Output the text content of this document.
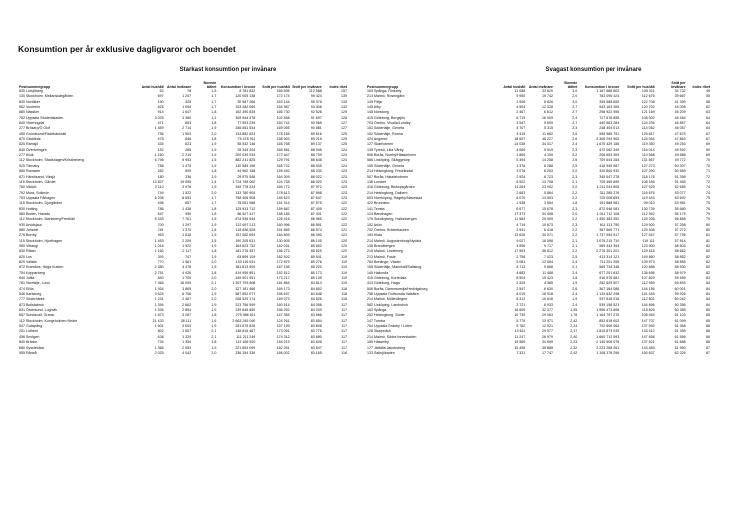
Konsumtion per år exklusive dagligvaror och boendet
Starkast konsumtion per invånare
Postnummergrupp	Antal hushåll	Antal invånare	Boende täthet	Konsumtion i kronor	Snitt per hushåll	Snitt per invånare	Index riket
830 Lotsjöberg	53	78	1,5	8 781 832	165 695	112 588	157
130 Stockholm, Mellanskärgården	697	1 207	1,7	120 005 138	172 174	99 424	139
830 Norråker	190	325	1,7	30 987 266	163 144	95 376	133
962 Vuolerim	626	1 094	1,7	103 282 065	164 987	94 408	132
880 Nässker	914	1 647	1,8	152 390 835	166 730	92 526	129
752 Uppsala Studentstaden	3 025	3 380	1,1	309 944 378	102 458	91 697	128
840 Ytterhogdal	471	853	1,8	77 593 239	164 741	90 965	127
277 Brösarp/Ö Olof	1 459	2 714	1,9	246 651 534	169 055	90 881	127
450 Grundsund/Fiskebäckskil	756	1 503	2,0	134 882 623	178 165	89 616	125
870 Gäddede	475	846	1,8	75 478 911	158 903	89 219	125
820 Ramsjö	335	623	1,9	55 532 146	165 768	89 137	125
840 Överturingen	152	285	1,9	25 349 204	165 581	88 945	124
277 Kivik	1 160	2 215	1,9	200 039 034	172 447	88 709	124
112 Stockholm, Stadshagen/Kristineberg	6 798	9 953	1,5	882 241 825	129 791	88 648	124
920 Tärnaby	788	1 475	1,9	130 589 196	165 722	88 535	124
880 Ramsele	282	509	1,8	44 962 158	159 440	88 330	124
871 Härnösand, Viksjö	180	336	1,9	29 575 548	164 309	88 022	123
115 Stockholm, Gärdet	13 827	19 595	1,4	1 724 768 062	124 738	88 020	123
760 Väddö	2 110	3 976	1,9	349 778 224	165 772	87 972	123
792 Mora, Sollerön	749	1 522	2,0	133 780 905	178 613	87 898	123
753 Uppsala Fålhagen	5 208	8 653	1,7	758 406 908	145 623	87 647	123
115 Stockholm, Djurgården	496	857	1,7	75 051 988	151 314	87 575	122
830 Hotting	786	1 436	1,8	125 513 712	159 687	87 405	122
960 Boden, Harads	547	990	1,8	86 527 417	158 185	87 401	122
112 Stockholm, Marieberg/Fredhäll	5 339	7 761	1,5	674 936 544	126 416	86 965	122
930 Arvidsjaur	700	1 297	1,9	112 697 213	160 996	86 891	122
880 Junsele	781	1 370	1,8	118 836 528	151 865	86 574	121
276 Borrby	953	1 818	1,9	157 062 694	164 809	86 393	121
115 Stockholm, Hjorthagen	1 453	2 209	1,5	190 205 631	130 905	86 105	120
980 Vittangi	1 016	1 922	1,9	164 623 732	162 031	85 652	120
830 Rätan	1 160	2 117	1,8	181 276 357	156 273	85 629	120
820 Los	393	747	1,9	63 899 109	162 402	85 541	119
820 Vallsta	770	1 561	2,0	133 116 531	172 879	85 276	119
872 Kramfors, Höga Kusten	2 380	4 478	1,9	381 613 900	167 155	85 220	119
754 Kopparberg	2 751	4 926	1,8	419 959 851	152 512	85 173	119
640 Julita	840	1 709	2,0	145 501 951	173 217	85 139	119
761 Norrtälje, Lund	7 466	16 009	2,1	1 357 793 808	181 864	84 814	119
474 Ellös	1 934	3 865	2,0	327 181 466	169 173	84 652	118
546 Karlsborg	3 624	6 706	1,9	567 652 077	156 637	84 648	118
777 Söderbärke	1 231	2 467	2,0	208 529 174	169 073	84 526	118
873 Bollstabruk	1 394	2 662	1,9	223 756 599	160 514	84 056	117
831 Östersund, Lugnvik	1 535	2 854	1,9	239 846 850	156 252	84 039	117
857 Sundsvall, Granlo	1 873	3 287	1,8	275 986 511	147 355	83 966	117
112 Stockholm, Kungsholmen Nedre	21 433	28 111	1,6	2 663 245 090	124 261	83 854	117
547 Gullspång	1 601	3 003	1,9	251 675 826	157 199	83 808	117
251 Lidhem	802	1 657	2,1	138 816 467	173 091	83 776	117
456 Smögen	638	1 329	2,1	111 211 249	174 312	83 680	117
840 Bräcke	734	1 354	1,8	113 166 520	154 219	83 605	117
680 Sysslebäck	1 366	2 653	1,9	221 653 099	162 251	83 547	117
955 Råneå	2 025	4 042	2,0	336 154 336	166 002	83 165	116
Svagast konsumtion per invånare
Postnummergrupp	Antal hushåll	Antal invånare	Boende täthet	Konsumtion i kronor	Snitt per hushåll	Snitt per invånare	Index riket
163 Spånga, Rinkeby	11 088	33 620	3,0	1 167 688 802	105 311	34 732	49
213 Malmö, Rosengård	9 950	19 742	2,0	783 096 424	112 676	39 667	55
145 Fittja	2 906	8 626	3,0	355 588 650	122 708	41 399	58
145 Alby	4 504	12 328	2,7	543 163 306	120 702	44 098	62
145 Norsborg	2 467	6 612	2,7	298 922 955	121 169	45 209	63
415 Göteborg, Bergsjön	6 719	16 009	2,4	727 678 895	108 302	45 454	64
703 Örebro, Vivalla/Lundby	3 547	9 609	2,7	440 663 284	124 235	45 857	64
151 Södertälje, Geneta	4 707	5 315	2,3	248 404 013	114 052	46 057	64
152 Södertälje, Ronna	4 419	11 662	2,6	555 985 791	125 817	47 675	67
424 Angered	18 607	48 227	2,6	2 308 294 962	124 054	47 863	67
127 Skärholmen	14 038	34 017	2,4	1 675 429 156	119 350	49 253	69
135 Tyresö, Lilla Vårby	4 069	9 519	2,3	472 062 349	116 014	49 592	69
506 Borås, Norrby/Hässleholm	1 869	4 159	2,2	206 653 309	110 568	49 686	69
586 Linköping, Skäggetorp	5 394	14 258	2,6	709 644 254	131 567	49 772	70
155 Södertälje, Geneta	1 376	8 288	2,5	416 945 987	127 273	50 307	70
214 Helsingborg, Fredriksdal	3 076	6 253	2,0	320 800 930	107 290	50 589	71
507 Borås, Hässleholmen	2 924	6 723	2,3	345 547 278	118 176	51 398	72
136 Lorsbet	6 522	13 708	2,1	705 465 899	108 166	51 465	72
418 Göteborg, Biskopsgården	11 264	23 002	2,0	1 211 034 805	107 529	52 656	74
214 Helsingborg, Dalhem	2 663	5 864	2,2	311 285 276	116 876	53 077	74
603 Norrköping, Hageby/Navestad	6 070	13 503	2,2	725 008 653	119 443	53 692	75
422 Brunnsbo	1 938	3 554	1,8	191 888 981	99 010	53 981	75
141 Tensta	6 677	15 678	2,3	872 946 081	130 739	55 680	78
124 Bandhagen	17 373	34 498	2,0	1 911 712 108	112 942	55 175	79
176 Sundbyberg, Hallonbergen	11 584	25 509	2,2	1 450 383 352	125 206	56 858	79
152 Arlöv	4 719	10 673	2,3	611 113 750	129 500	57 258	80
702 Örebro, Brickebacken	2 931	6 418	2,2	367 569 771	125 408	57 272	80
163 Kista	13 626	30 071	2,2	1 737 954 517	127 547	57 795	81
214 Malmö, Augustenborg/Nydala	9 027	18 598	2,1	1 075 215 710	119 111	57 814	81
136 Brandbergen	4 596	9 717	2,1	569 443 394	123 900	58 603	82
215 Malmö, Lindeborg	17 593	38 812	2,2	2 276 301 201	129 415	58 662	82
213 Malmö, Fosie	2 758	7 023	2,5	413 314 121	149 860	58 852	82
784 Borlänge, Väster	5 081	12 084	2,4	711 201 395	139 973	58 855	82
155 Södertälje, Mariekäll/Saltskog	8 713	9 668	2,1	569 734 348	120 886	58 930	82
145 Hallunda	4 883	11 488	2,4	677 251 632	138 696	58 979	82
415 Göteborg, Kortedala	8 504	15 423	1,8	916 976 681	107 829	59 455	83
413 Göteborg, Haga	2 325	4 385	1,9	262 629 507	112 959	59 893	84
506 Borås, Dammsvedja/Hedvigsborg	2 547	6 630	2,6	367 164 086	144 156	60 001	84
756 Uppsala Gottsunda Valsätra	8 015	18 918	2,4	1 134 632 298	141 445	59 926	84
214 Malmö, Möllevången	8 312	15 616	1,9	937 618 016	112 801	60 042	84
582 Linköping, Lambohov	3 721	8 933	2,4	539 158 521	144 896	60 356	84
163 Spånga	16 605	32 377	1,95	1 956 473 896	118 826	60 385	85
252 Helsingborg, Söder	10 739	19 063	1,78	1 164 797 270	108 464	61 103	85
147 Tumba	5 779	13 971	2,42	853 618 002	147 707	61 099	85
754 Uppsala Gränby / Löten	5 762	12 921	2,24	792 806 064	137 592	61 358	86
128 Skarpnäck	13 611	29 577	2,17	1 815 873 039	133 412	61 395	86
214 Malmö, Södra Innerstaden	11 247	26 979	2,40	1 660 712 593	147 658	61 556	86
165 Hässelby	15 565	34 699	2,23	2 140 506 075	137 521	61 688	86
177 Järfälla Jakobsberg	15 495	35 888	2,32	2 223 268 261	143 483	61 950	87
133 Saltsjöbaden	7 331	17 747	2,42	1 108 376 296	150 637	62 226	87
